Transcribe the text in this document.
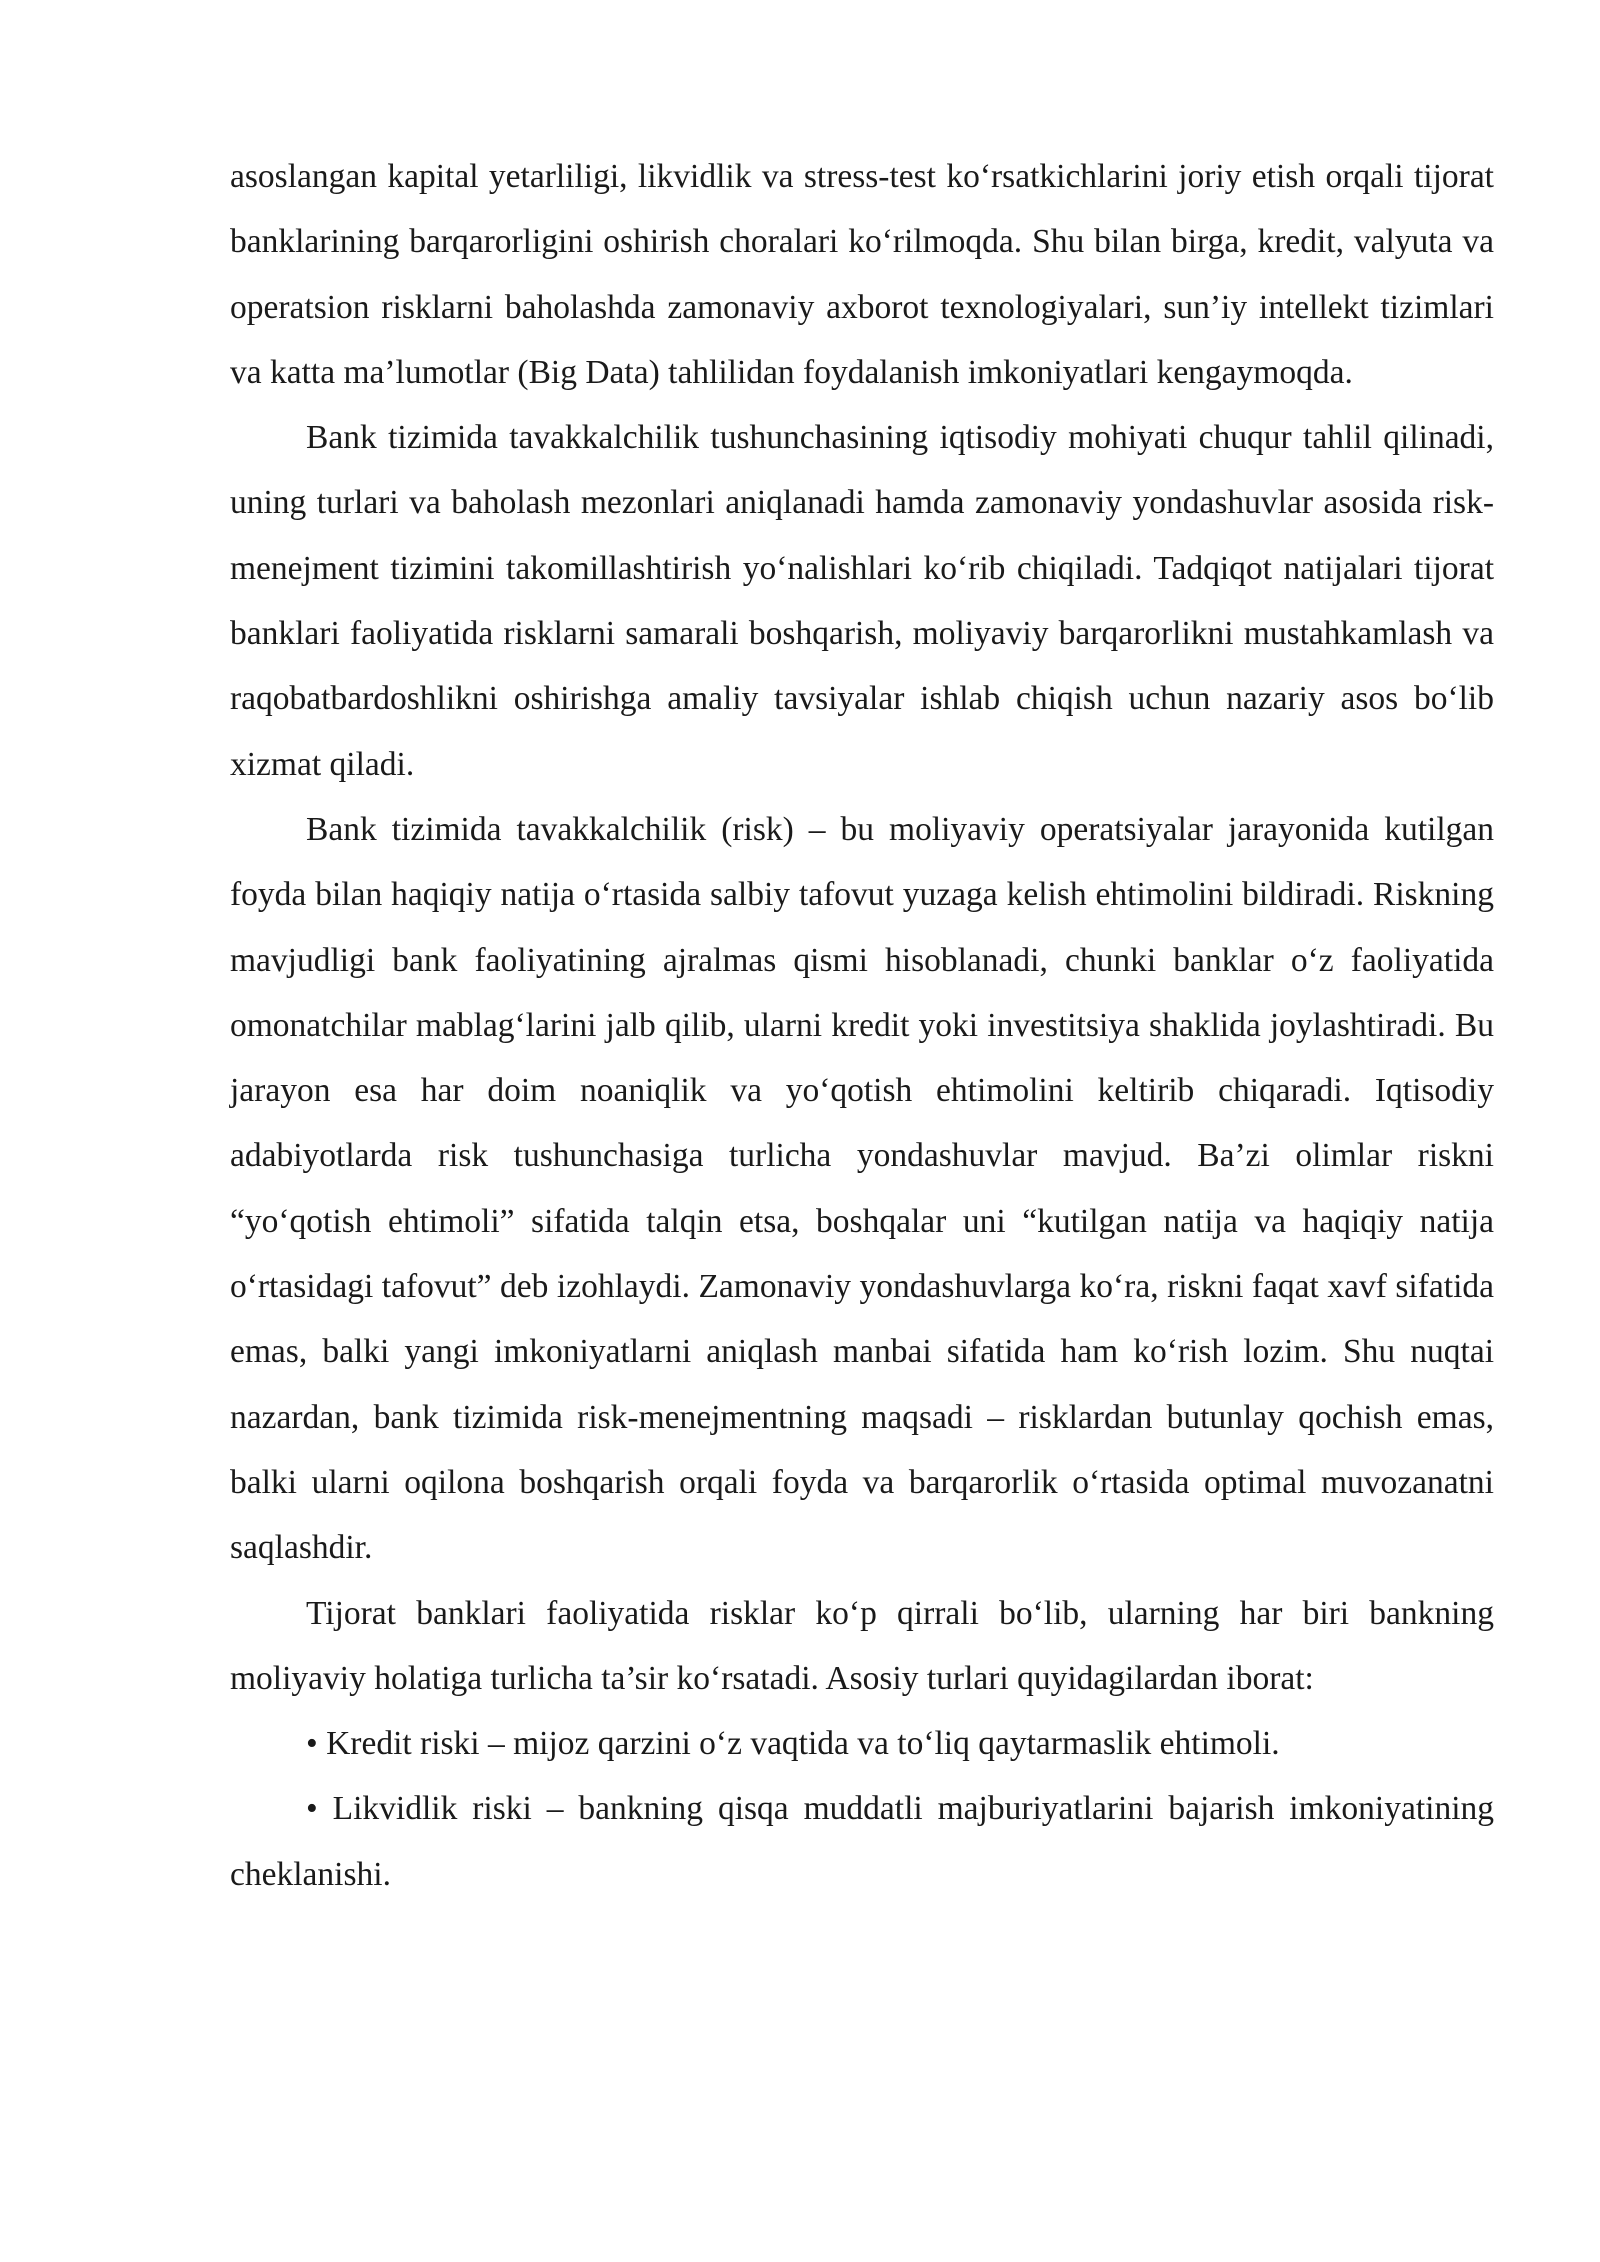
asoslangan kapital yetarliligi, likvidlik va stress-test ko‘rsatkichlarini joriy etish orqali tijorat banklarining barqarorligini oshirish choralari ko‘rilmoqda. Shu bilan birga, kredit, valyuta va operatsion risklarni baholashda zamonaviy axborot texnologiyalari, sun’iy intellekt tizimlari va katta ma’lumotlar (Big Data) tahlilidan foydalanish imkoniyatlari kengaymoqda.

Bank tizimida tavakkalchilik tushunchasining iqtisodiy mohiyati chuqur tahlil qilinadi, uning turlari va baholash mezonlari aniqlanadi hamda zamonaviy yondashuvlar asosida risk-menejment tizimini takomillashtirish yo‘nalishlari ko‘rib chiqiladi. Tadqiqot natijalari tijorat banklari faoliyatida risklarni samarali boshqarish, moliyaviy barqarorlikni mustahkamlash va raqobatbardoshlikni oshirishga amaliy tavsiyalar ishlab chiqish uchun nazariy asos bo‘lib xizmat qiladi.

Bank tizimida tavakkalchilik (risk) – bu moliyaviy operatsiyalar jarayonida kutilgan foyda bilan haqiqiy natija o‘rtasida salbiy tafovut yuzaga kelish ehtimolini bildiradi. Riskning mavjudligi bank faoliyatining ajralmas qismi hisoblanadi, chunki banklar o‘z faoliyatida omonatchilar mablag‘larini jalb qilib, ularni kredit yoki investitsiya shaklida joylashtiradi. Bu jarayon esa har doim noaniqlik va yo‘qotish ehtimolini keltirib chiqaradi. Iqtisodiy adabiyotlarda risk tushunchasiga turlicha yondashuvlar mavjud. Ba’zi olimlar riskni “yo‘qotish ehtimoli” sifatida talqin etsa, boshqalar uni “kutilgan natija va haqiqiy natija o‘rtasidagi tafovut” deb izohlaydi. Zamonaviy yondashuvlarga ko‘ra, riskni faqat xavf sifatida emas, balki yangi imkoniyatlarni aniqlash manbai sifatida ham ko‘rish lozim. Shu nuqtai nazardan, bank tizimida risk-menejmentning maqsadi – risklardan butunlay qochish emas, balki ularni oqilona boshqarish orqali foyda va barqarorlik o‘rtasida optimal muvozanatni saqlashdir.

Tijorat banklari faoliyatida risklar ko‘p qirrali bo‘lib, ularning har biri bankning moliyaviy holatiga turlicha ta’sir ko‘rsatadi. Asosiy turlari quyidagilardan iborat:

• Kredit riski – mijoz qarzini o‘z vaqtida va to‘liq qaytarmaslik ehtimoli.

• Likvidlik riski – bankning qisqa muddatli majburiyatlarini bajarish imkoniyatining cheklanishi.
